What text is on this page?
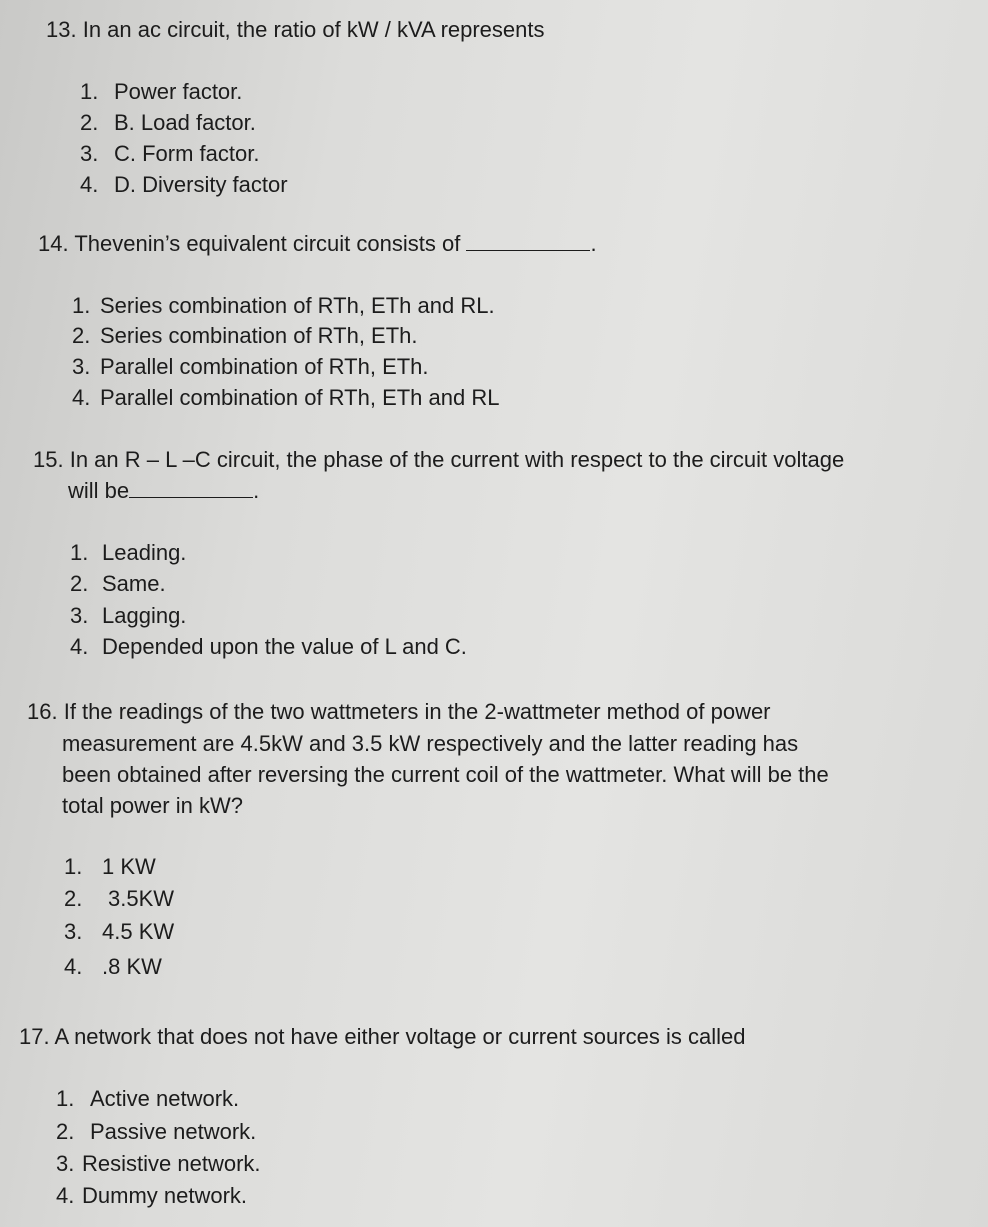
13. In an ac circuit, the ratio of kW / kVA represents
1. Power factor.
2. B. Load factor.
3. C. Form factor.
4. D. Diversity factor
14. Thevenin’s equivalent circuit consists of	.
1. Series combination of RTh, ETh and RL.
2. Series combination of RTh, ETh.
3. Parallel combination of RTh, ETh.
4. Parallel combination of RTh, ETh and RL
15. In an R – L –C circuit, the phase of the current with respect to the circuit voltage
will be	.
1. Leading.
2. Same.
3. Lagging.
4. Depended upon the value of L and C.
16. If the readings of the two wattmeters in the 2-wattmeter method of power
measurement are 4.5kW and 3.5 kW respectively and the latter reading has
been obtained after reversing the current coil of the wattmeter. What will be the
total power in kW?
1. 1 KW
2. 3.5KW
3. 4.5 KW
4. .8 KW
17. A network that does not have either voltage or current sources is called
1. Active network.
2. Passive network.
3. Resistive network.
4. Dummy network.
